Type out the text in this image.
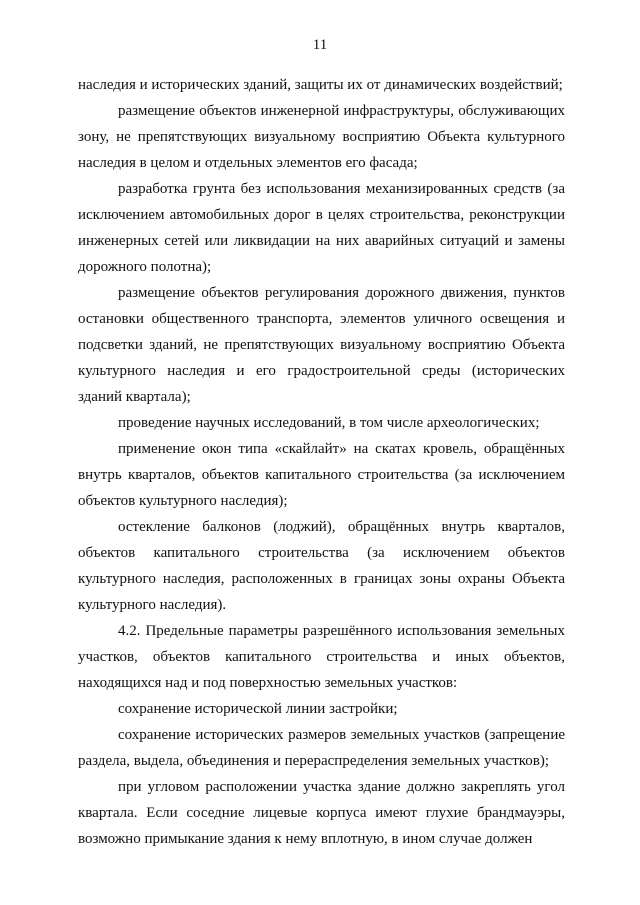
11

наследия и исторических зданий, защиты их от динамических воздействий;

размещение объектов инженерной инфраструктуры, обслуживающих зону, не препятствующих визуальному восприятию Объекта культурного наследия в целом и отдельных элементов его фасада;

разработка грунта без использования механизированных средств (за исключением автомобильных дорог в целях строительства, реконструкции инженерных сетей или ликвидации на них аварийных ситуаций и замены дорожного полотна);

размещение объектов регулирования дорожного движения, пунктов остановки общественного транспорта, элементов уличного освещения и подсветки зданий, не препятствующих визуальному восприятию Объекта культурного наследия и его градостроительной среды (исторических зданий квартала);

проведение научных исследований, в том числе археологических;

применение окон типа «скайлайт» на скатах кровель, обращённых внутрь кварталов, объектов капитального строительства (за исключением объектов культурного наследия);

остекление балконов (лоджий), обращённых внутрь кварталов, объектов капитального строительства (за исключением объектов культурного наследия, расположенных в границах зоны охраны Объекта культурного наследия).

4.2. Предельные параметры разрешённого использования земельных участков, объектов капитального строительства и иных объектов, находящихся над и под поверхностью земельных участков:

сохранение исторической линии застройки;

сохранение исторических размеров земельных участков (запрещение раздела, выдела, объединения и перераспределения земельных участков);

при угловом расположении участка здание должно закреплять угол квартала. Если соседние лицевые корпуса имеют глухие брандмауэры, возможно примыкание здания к нему вплотную, в ином случае должен
